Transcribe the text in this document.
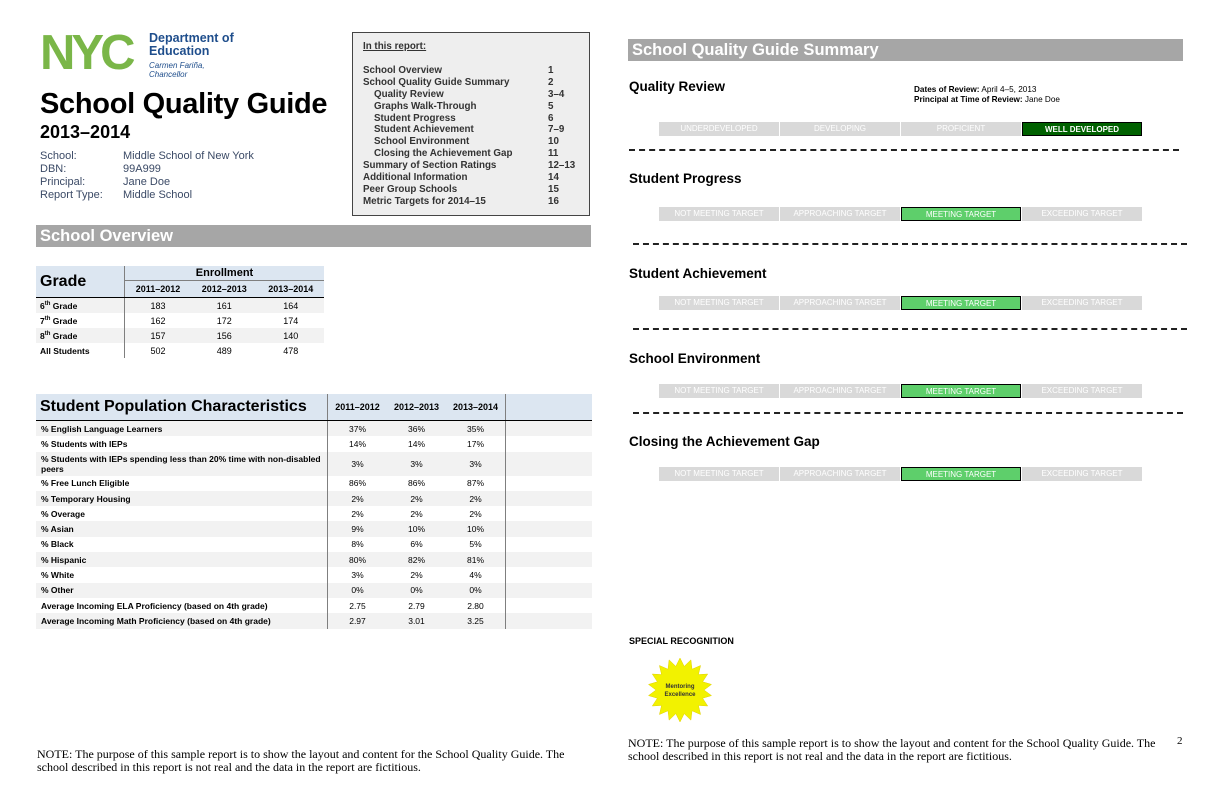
NYC Department of
Education
Carmen Fariña, Chancellor
School Quality Guide
2013–2014
School:	Middle School of New York
DBN:	99A999
Principal:	Jane Doe
Report Type:	Middle School
In this report:
School Overview	1
School Quality Guide Summary	2
Quality Review	3–4
Graphs Walk-Through	5
Student Progress	6
Student Achievement	7–9
School Environment	10
Closing the Achievement Gap	11
Summary of Section Ratings	12–13
Additional Information	14
Peer Group Schools	15
Metric Targets for 2014–15	16
School Overview
Grade	Enrollment		
	2011–2012	2012–2013	2013–2014
6th Grade	183	161	164
7th Grade	162	172	174
8th Grade	157	156	140
All Students	502	489	478
Student Population Characteristics	2011–2012	2012–2013	2013–2014	
% English Language Learners	37%	36%	35%	
% Students with IEPs	14%	14%	17%	
% Students with IEPs spending less than 20% time with non-disabled peers	3%	3%	3%	
% Free Lunch Eligible	86%	86%	87%	
% Temporary Housing	2%	2%	2%	
% Overage	2%	2%	2%	
% Asian	9%	10%	10%	
% Black	8%	6%	5%	
% Hispanic	80%	82%	81%	
% White	3%	2%	4%	
% Other	0%	0%	0%	
Average Incoming ELA Proficiency (based on 4th grade)	2.75	2.79	2.80	
Average Incoming Math Proficiency (based on 4th grade)	2.97	3.01	3.25	
NOTE: The purpose of this sample report is to show the layout and content for the School Quality Guide. The school described in this report is not real and the data in the report are fictitious.
School Quality Guide Summary
Quality Review	Dates of Review: April 4–5, 2013
Principal at Time of Review: Jane Doe
UNDERDEVELOPED	DEVELOPING	PROFICIENT	WELL DEVELOPED
Student Progress
NOT MEETING TARGET	APPROACHING TARGET	MEETING TARGET	EXCEEDING TARGET
Student Achievement
NOT MEETING TARGET	APPROACHING TARGET	MEETING TARGET	EXCEEDING TARGET
School Environment
NOT MEETING TARGET	APPROACHING TARGET	MEETING TARGET	EXCEEDING TARGET
Closing the Achievement Gap
NOT MEETING TARGET	APPROACHING TARGET	MEETING TARGET	EXCEEDING TARGET
SPECIAL RECOGNITION
Mentoring
Excellence
NOTE: The purpose of this sample report is to show the layout and content for the School Quality Guide. The school described in this report is not real and the data in the report are fictitious.
2
